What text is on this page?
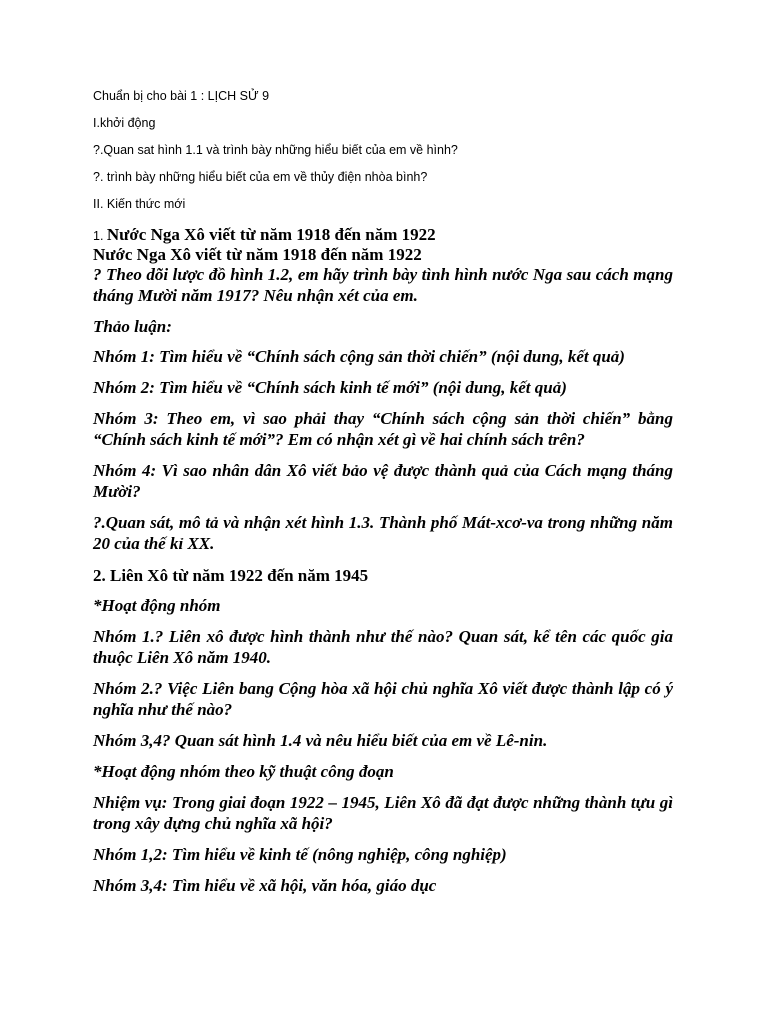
Chuẩn bị cho bài 1 : LỊCH SỬ 9
I.khởi động
?.Quan sat hình 1.1 và trình bày những hiểu biết của em về hình?
?. trình bày những hiểu biết của em về thủy điện nhòa bình?
II. Kiến thức mới
1. Nước Nga Xô viết từ năm 1918 đến năm 1922
Nước Nga Xô viết từ năm 1918 đến năm 1922
? Theo dõi lược đồ hình 1.2, em hãy trình bày tình hình nước Nga sau cách mạng tháng Mười năm 1917? Nêu nhận xét của em.
Thảo luận:
Nhóm 1: Tìm hiểu về “Chính sách cộng sản thời chiến” (nội dung, kết quả)
Nhóm 2: Tìm hiểu về “Chính sách kinh tế mới” (nội dung, kết quả)
Nhóm 3: Theo em, vì sao phải thay “Chính sách cộng sản thời chiến” bằng “Chính sách kinh tế mới”? Em có nhận xét gì về hai chính sách trên?
Nhóm 4: Vì sao nhân dân Xô viết bảo vệ được thành quả của Cách mạng tháng Mười?
?.Quan sát, mô tả và nhận xét hình 1.3. Thành phố Mát-xcơ-va trong những năm 20 của thế kỉ XX.
2. Liên Xô từ năm 1922 đến năm 1945
*Hoạt động nhóm
Nhóm 1.? Liên xô được hình thành như thế nào? Quan sát, kể tên các quốc gia thuộc Liên Xô năm 1940.
Nhóm 2.? Việc Liên bang Cộng hòa xã hội chủ nghĩa Xô viết được thành lập có ý nghĩa như thế nào?
Nhóm 3,4? Quan sát hình 1.4 và nêu hiểu biết của em về Lê-nin.
*Hoạt động nhóm theo kỹ thuật công đoạn
Nhiệm vụ: Trong giai đoạn 1922 – 1945, Liên Xô đã đạt được những thành tựu gì trong xây dựng chủ nghĩa xã hội?
Nhóm 1,2: Tìm hiểu về kinh tế (nông nghiệp, công nghiệp)
Nhóm 3,4: Tìm hiểu về xã hội, văn hóa, giáo dục
